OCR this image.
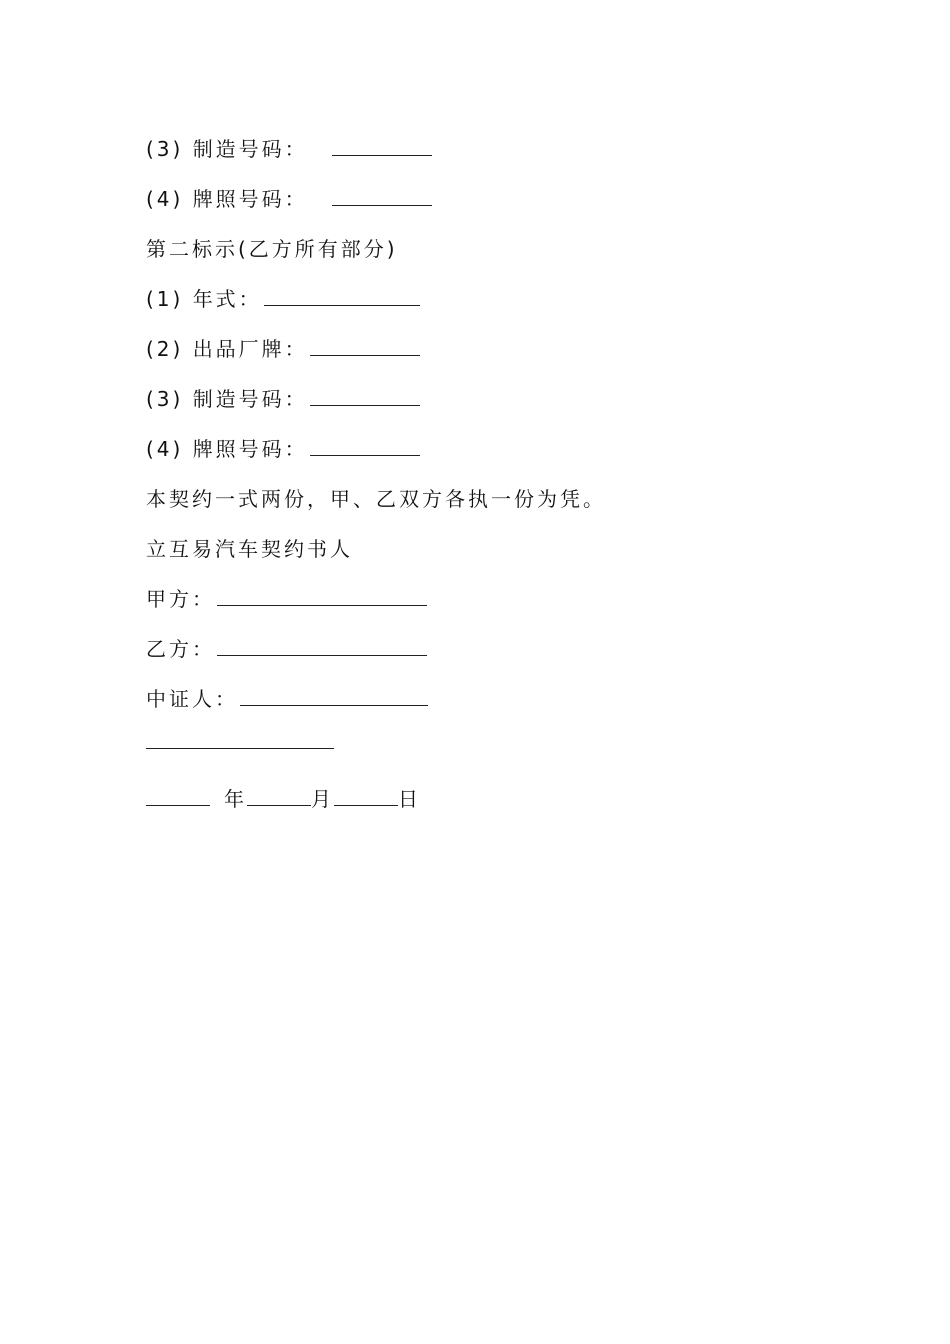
(3) 制造号码：
(4) 牌照号码：
第二标示(乙方所有部分)
(1) 年式：
(2) 出品厂牌：
(3) 制造号码：
(4) 牌照号码：
本契约一式两份，甲、乙双方各执一份为凭。
立互易汽车契约书人
甲方：
乙方：
中证人：
年	月	日
